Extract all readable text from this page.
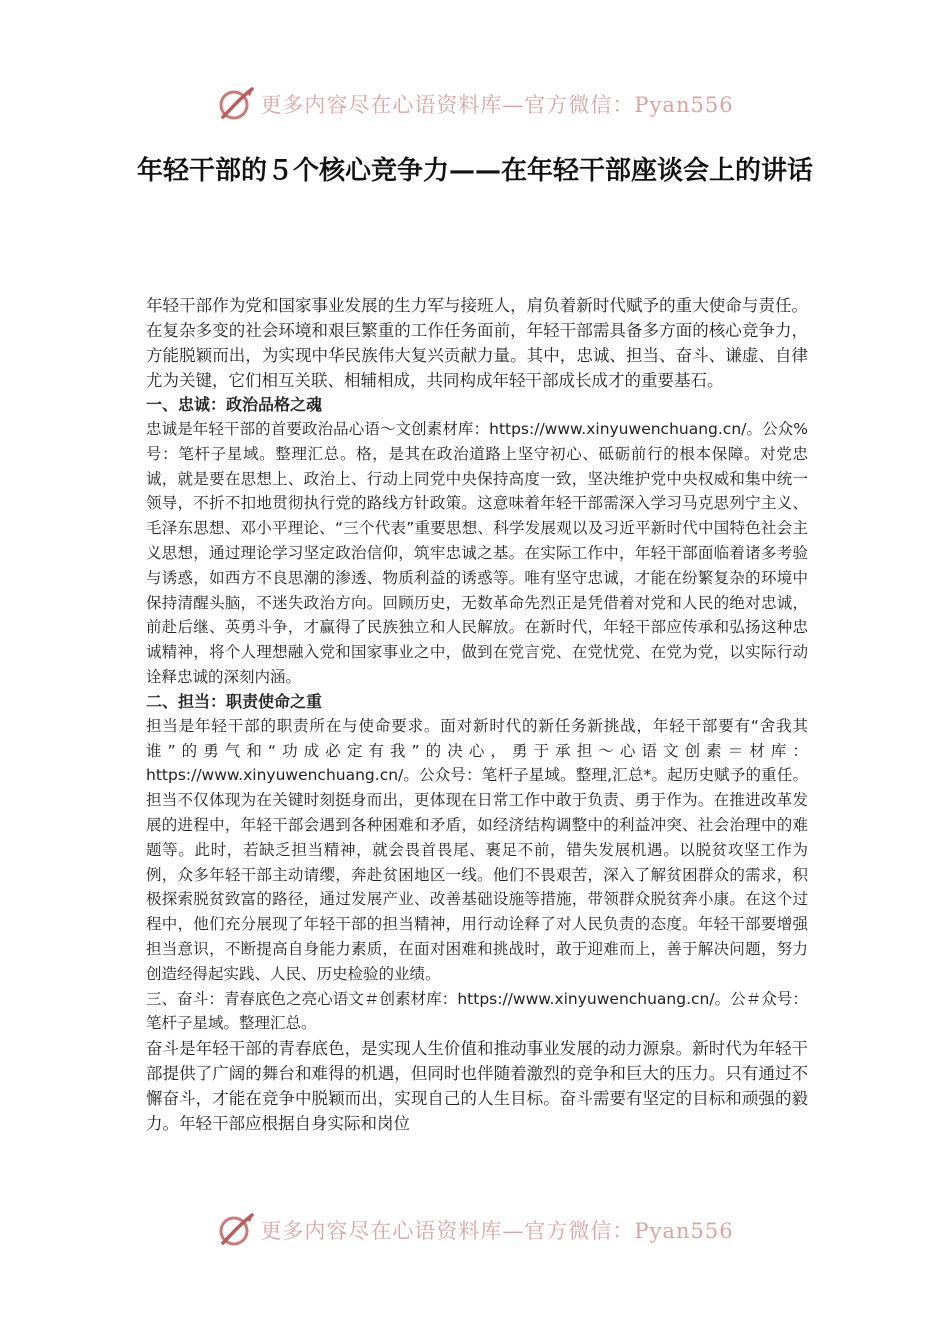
更多内容尽在心语资料库—官方微信：Pyan556
年轻干部的５个核心竞争力——在年轻干部座谈会上的讲话

年轻干部作为党和国家事业发展的生力军与接班人，肩负着新时代赋予的重大使命与责任。在复杂多变的社会环境和艰巨繁重的工作任务面前，年轻干部需具备多方面的核心竞争力，方能脱颖而出，为实现中华民族伟大复兴贡献力量。其中，忠诚、担当、奋斗、谦虚、自律尤为关键，它们相互关联、相辅相成，共同构成年轻干部成长成才的重要基石。

一、忠诚：政治品格之魂

忠诚是年轻干部的首要政治品心语～文创素材库：https://www.xinyuwenchuang.cn/。公众%号：笔杆子星域。整理汇总。格，是其在政治道路上坚守初心、砥砺前行的根本保障。对党忠诚，就是要在思想上、政治上、行动上同党中央保持高度一致，坚决维护党中央权威和集中统一领导，不折不扣地贯彻执行党的路线方针政策。这意味着年轻干部需深入学习马克思列宁主义、毛泽东思想、邓小平理论、“三个代表”重要思想、科学发展观以及习近平新时代中国特色社会主义思想，通过理论学习坚定政治信仰，筑牢忠诚之基。在实际工作中，年轻干部面临着诸多考验与诱惑，如西方不良思潮的渗透、物质利益的诱惑等。唯有坚守忠诚，才能在纷繁复杂的环境中保持清醒头脑，不迷失政治方向。回顾历史，无数革命先烈正是凭借着对党和人民的绝对忠诚，前赴后继、英勇斗争，才赢得了民族独立和人民解放。在新时代，年轻干部应传承和弘扬这种忠诚精神，将个人理想融入党和国家事业之中，做到在党言党、在党忧党、在党为党，以实际行动诠释忠诚的深刻内涵。

二、担当：职责使命之重

担当是年轻干部的职责所在与使命要求。面对新时代的新任务新挑战，年轻干部要有“舍我其谁”的勇气和“功成必定有我”的决心，勇于承担～心语文创素＝材库：https://www.xinyuwenchuang.cn/。公众号：笔杆子星域。整理,汇总*。起历史赋予的重任。担当不仅体现为在关键时刻挺身而出，更体现在日常工作中敢于负责、勇于作为。在推进改革发展的进程中，年轻干部会遇到各种困难和矛盾，如经济结构调整中的利益冲突、社会治理中的难题等。此时，若缺乏担当精神，就会畏首畏尾、裹足不前，错失发展机遇。以脱贫攻坚工作为例，众多年轻干部主动请缨，奔赴贫困地区一线。他们不畏艰苦，深入了解贫困群众的需求，积极探索脱贫致富的路径，通过发展产业、改善基础设施等措施，带领群众脱贫奔小康。在这个过程中，他们充分展现了年轻干部的担当精神，用行动诠释了对人民负责的态度。年轻干部要增强担当意识，不断提高自身能力素质，在面对困难和挑战时，敢于迎难而上，善于解决问题，努力创造经得起实践、人民、历史检验的业绩。

三、奋斗：青春底色之亮心语文＃创素材库：https://www.xinyuwenchuang.cn/。公＃众号：笔杆子星域。整理汇总。

奋斗是年轻干部的青春底色，是实现人生价值和推动事业发展的动力源泉。新时代为年轻干部提供了广阔的舞台和难得的机遇，但同时也伴随着激烈的竞争和巨大的压力。只有通过不懈奋斗，才能在竞争中脱颖而出，实现自己的人生目标。奋斗需要有坚定的目标和顽强的毅力。年轻干部应根据自身实际和岗位

更多内容尽在心语资料库—官方微信：Pyan556
